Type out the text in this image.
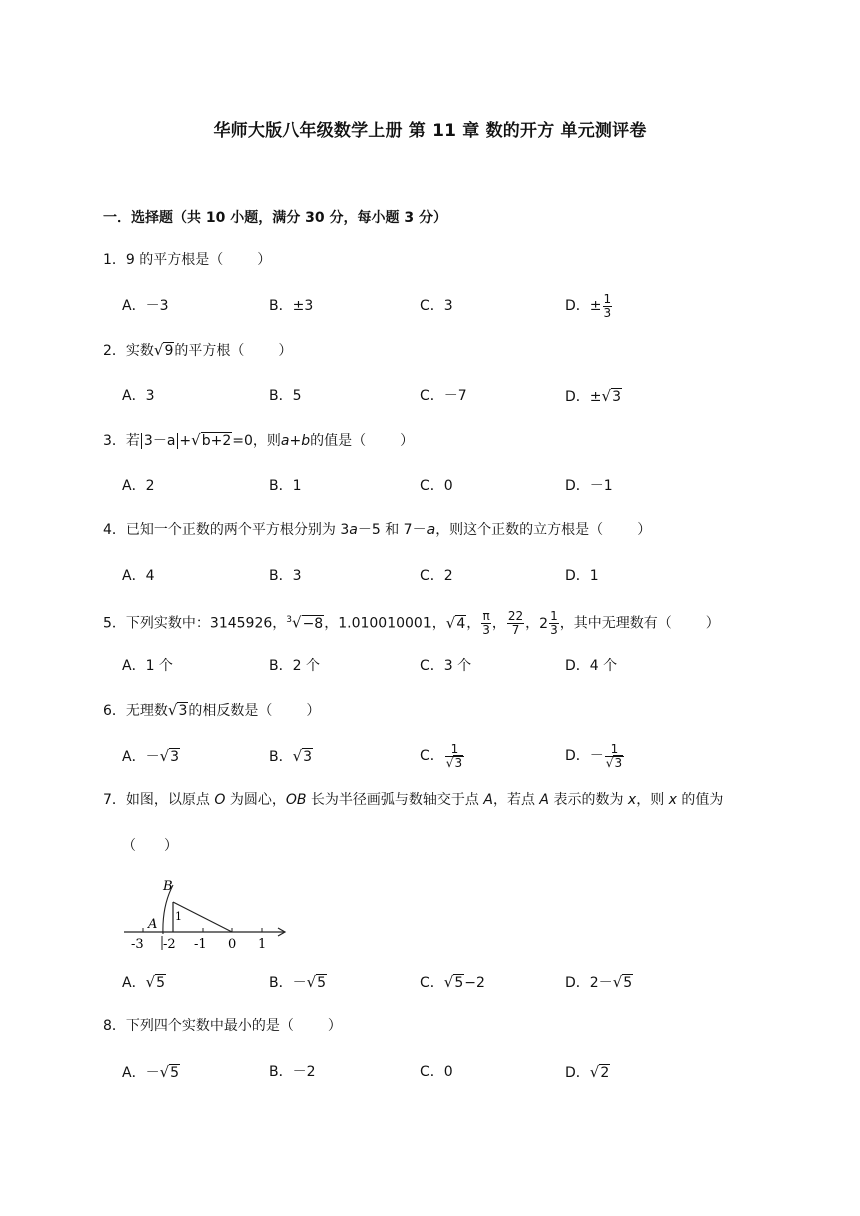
华师大版八年级数学上册 第 11 章 数的开方 单元测评卷
一．选择题（共 10 小题，满分 30 分，每小题 3 分）
1．9 的平方根是（ ）
A．－3	B．±3	C．3	D．± $\frac{1}{3}$
2．实数√9的平方根（ ）
A．3	B．5	C．－7	D．±√3
3．若 3－a +√b+2=0，则a+b的值是（ ）
A．2	B．1	C．0	D．－1
4．已知一个正数的两个平方根分别为 3a－5 和 7－a，则这个正数的立方根是（ ）
A．4	B．3	C．2	D．1
5．下列实数中：3145926，$^3$√−8，1.010010001，√4， $\frac{\pi}{3}$ ， $\frac{22}{7}$ ，$2 \frac{1}{3}$ ，其中无理数有（ ）
A．1 个	B．2 个	C．3 个	D．4 个
6．无理数√3的相反数是（ ）
A．－√3	B．√3	C． $\frac{1}{√3}$	D．－ $\frac{1}{√3}$
7．如图，以原点 O 为圆心，OB 长为半径画弧与数轴交于点 A，若点 A 表示的数为 x，则 x 的值为
（　　）
B
A
1
-3 -2 -1 0 1
A．√5	B．－√5	C．√5−2	D．2－√5
8．下列四个实数中最小的是（ ）
A．－√5	B．－2	C．0	D．√2
